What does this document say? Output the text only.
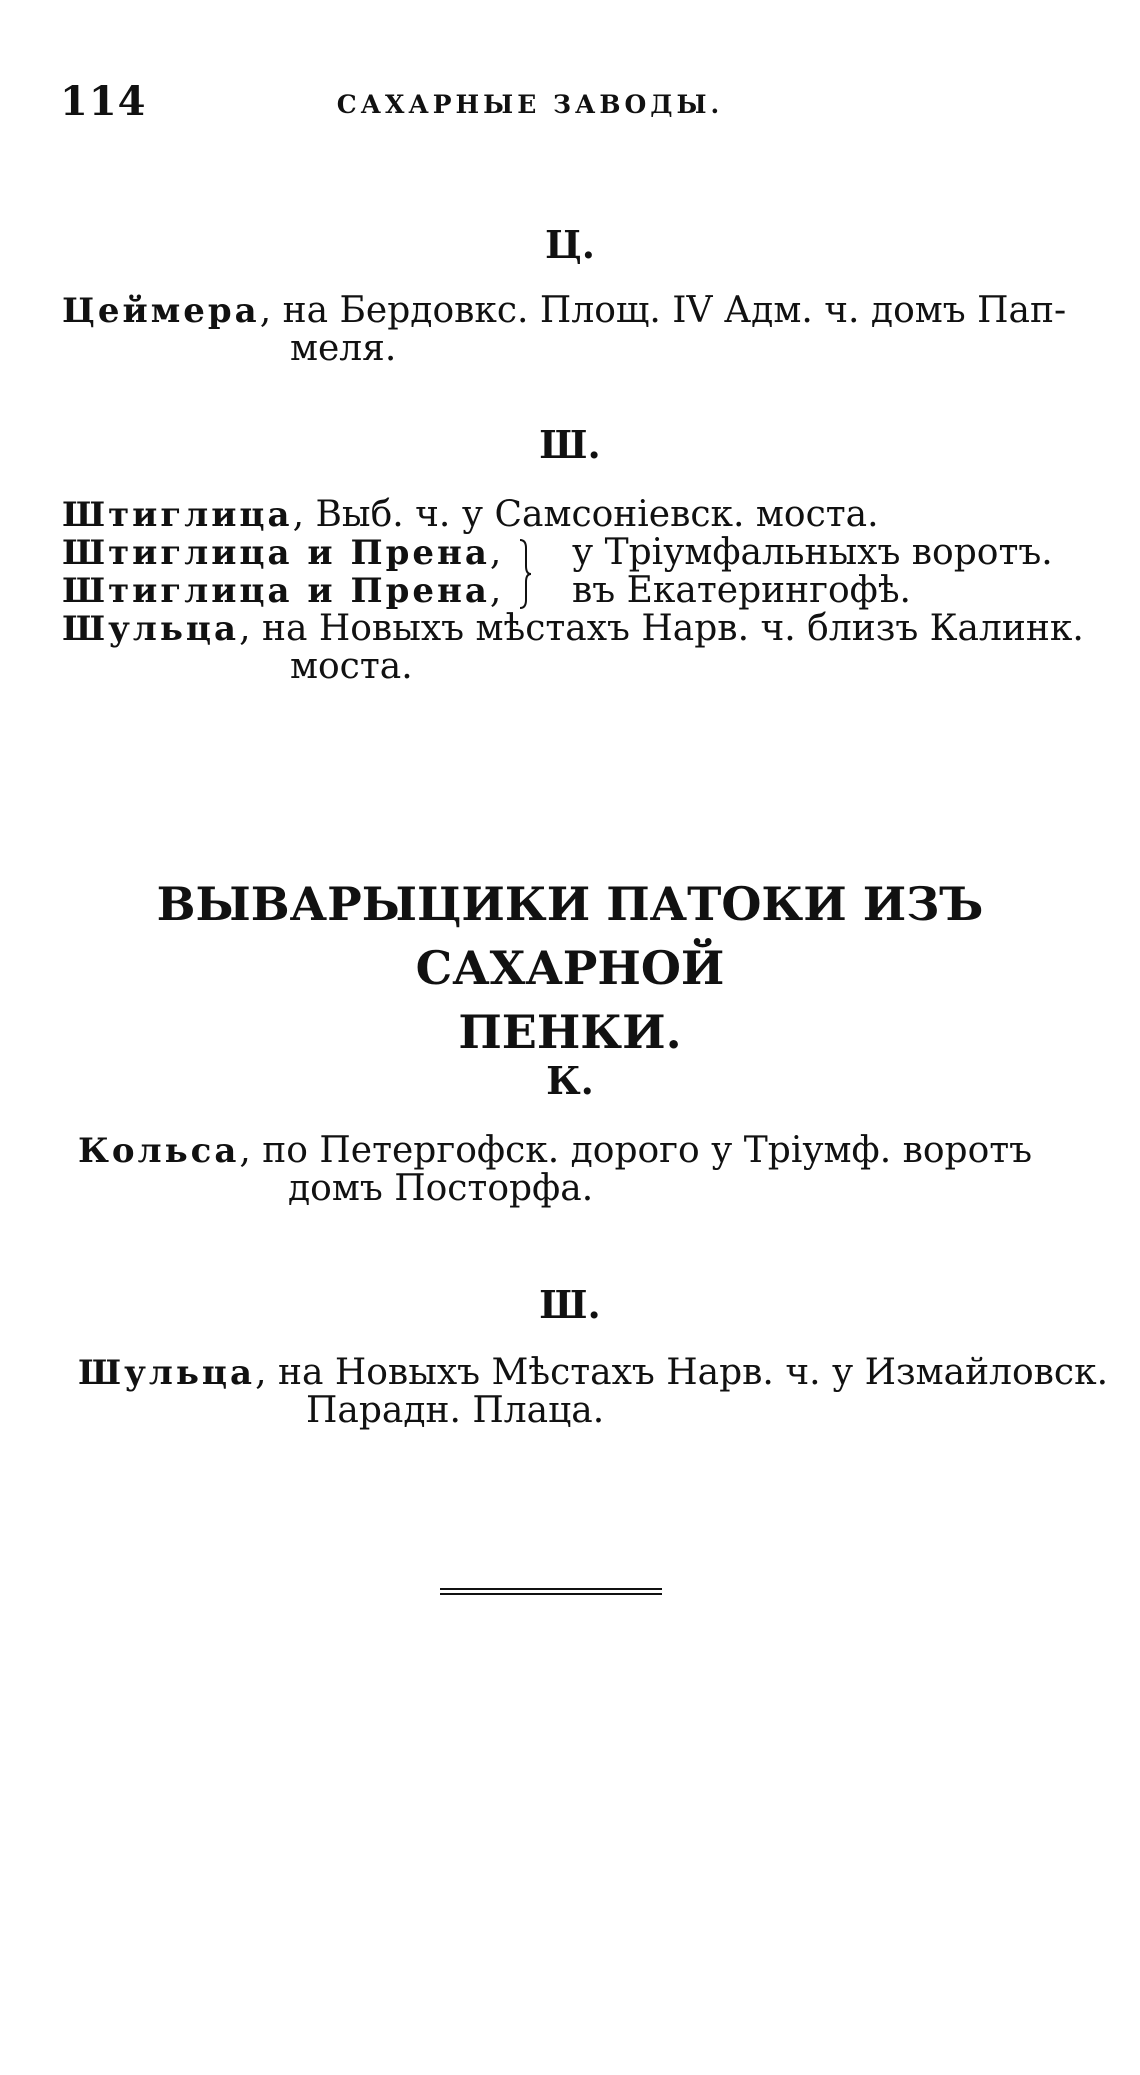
114	САХАРНЫЕ ЗАВОДЫ.
Ц.
Цеймера, на Бердовкс. Площ. IV Адм. ч. домъ Пап-
меля.
Ш.
Штиглица, Выб. ч. у Самсоніевск. моста.
Штиглица и Прена,	у Тріумфальныхъ воротъ.
Штиглица и Прена,	въ Екатерингофѣ.
Шульца, на Новыхъ мѣстахъ Нарв. ч. близъ Калинк.
моста.
ВЫВАРЫЦИКИ ПАТОКИ ИЗЪ САХАРНОЙ
ПЕНКИ.
К.
Кольса, по Петергофск. дорого у Тріумф. воротъ
домъ Посторфа.
Ш.
Шульца, на Новыхъ Мѣстахъ Нарв. ч. у Измайловск.
Парадн. Плаца.
